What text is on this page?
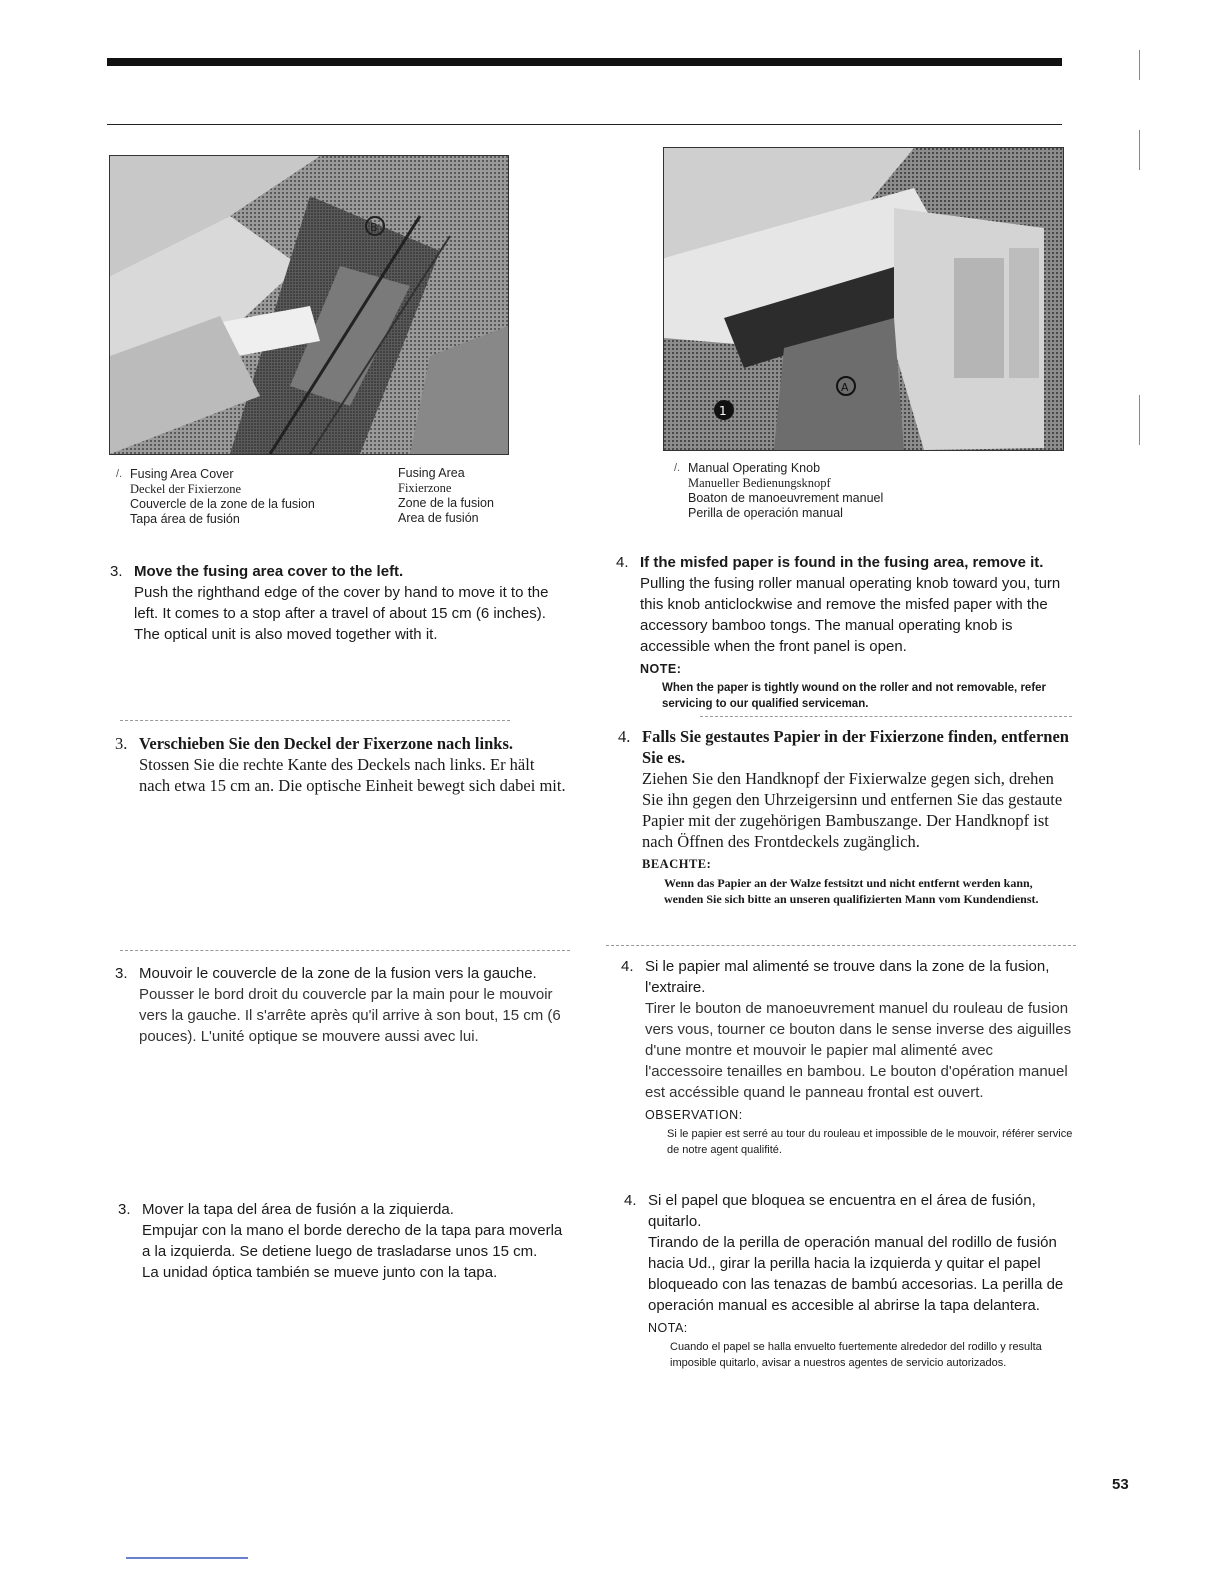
B
1
A
/. Fusing Area Cover
Deckel der Fixierzone
Couvercle de la zone de la fusion
Tapa área de fusión
Fusing Area
Fixierzone
Zone de la fusion
Area de fusión
/. Manual Operating Knob
Manueller Bedienungsknopf
Boaton de manoeuvrement manuel
Perilla de operación manual
3. Move the fusing area cover to the left.
Push the righthand edge of the cover by hand to move it to the left. It comes to a stop after a travel of about 15 cm (6 inches). The optical unit is also moved together with it.
3. Verschieben Sie den Deckel der Fixerzone nach links.
Stossen Sie die rechte Kante des Deckels nach links. Er hält nach etwa 15 cm an. Die optische Einheit bewegt sich dabei mit.
3. Mouvoir le couvercle de la zone de la fusion vers la gauche.
Pousser le bord droit du couvercle par la main pour le mouvoir vers la gauche. Il s'arrête après qu'il arrive à son bout, 15 cm (6 pouces). L'unité optique se mouvere aussi avec lui.
3. Mover la tapa del área de fusión a la ziquierda.
Empujar con la mano el borde derecho de la tapa para moverla a la izquierda. Se detiene luego de trasladarse unos 15 cm.
La unidad óptica también se mueve junto con la tapa.
4. If the misfed paper is found in the fusing area, remove it.
Pulling the fusing roller manual operating knob toward you, turn this knob anticlockwise and remove the misfed paper with the accessory bamboo tongs. The manual operating knob is accessible when the front panel is open.
NOTE:
When the paper is tightly wound on the roller and not removable, refer servicing to our qualified serviceman.
4. Falls Sie gestautes Papier in der Fixierzone finden, entfernen Sie es.
Ziehen Sie den Handknopf der Fixierwalze gegen sich, drehen Sie ihn gegen den Uhrzeigersinn und entfernen Sie das gestaute Papier mit der zugehörigen Bambuszange. Der Handknopf ist nach Öffnen des Frontdeckels zugänglich.
BEACHTE:
Wenn das Papier an der Walze festsitzt und nicht entfernt werden kann, wenden Sie sich bitte an unseren qualifizierten Mann vom Kundendienst.
4. Si le papier mal alimenté se trouve dans la zone de la fusion, l'extraire.
Tirer le bouton de manoeuvrement manuel du rouleau de fusion vers vous, tourner ce bouton dans le sense inverse des aiguilles d'une montre et mouvoir le papier mal alimenté avec l'accessoire tenailles en bambou. Le bouton d'opération manuel est accéssible quand le panneau frontal est ouvert.
OBSERVATION:
Si le papier est serré au tour du rouleau et impossible de le mouvoir, référer service de notre agent qualifité.
4. Si el papel que bloquea se encuentra en el área de fusión, quitarlo.
Tirando de la perilla de operación manual del rodillo de fusión hacia Ud., girar la perilla hacia la izquierda y quitar el papel bloqueado con las tenazas de bambú accesorias. La perilla de operación manual es accesible al abrirse la tapa delantera.
NOTA:
Cuando el papel se halla envuelto fuertemente alrededor del rodillo y resulta imposible quitarlo, avisar a nuestros agentes de servicio autorizados.
53
